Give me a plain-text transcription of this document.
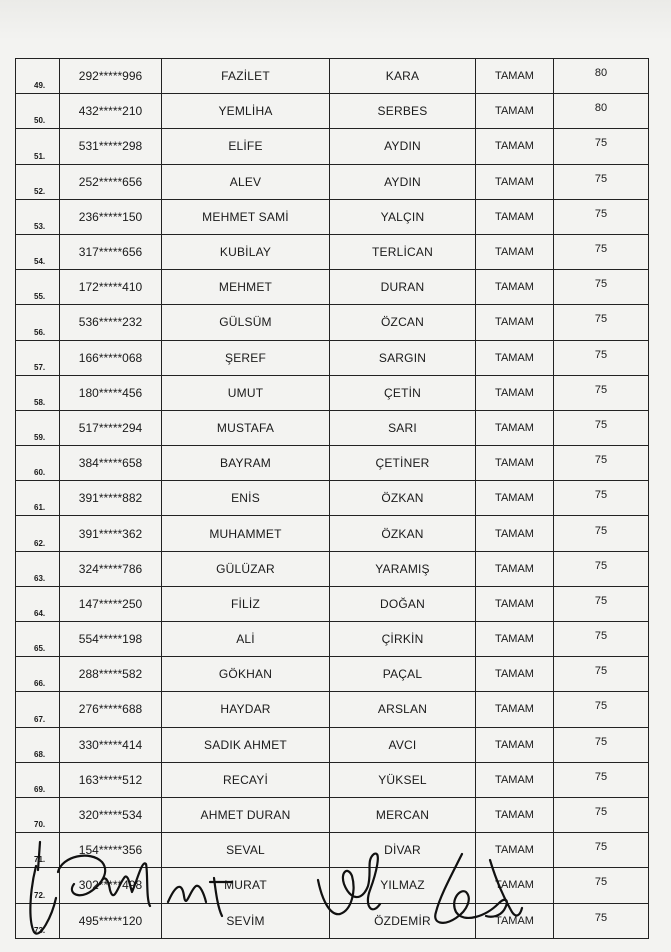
49.	292*****996	FAZİLET	KARA	TAMAM	80
50.	432*****210	YEMLİHA	SERBES	TAMAM	80
51.	531*****298	ELİFE	AYDIN	TAMAM	75
52.	252*****656	ALEV	AYDIN	TAMAM	75
53.	236*****150	MEHMET SAMİ	YALÇIN	TAMAM	75
54.	317*****656	KUBİLAY	TERLİCAN	TAMAM	75
55.	172*****410	MEHMET	DURAN	TAMAM	75
56.	536*****232	GÜLSÜM	ÖZCAN	TAMAM	75
57.	166*****068	ŞEREF	SARGIN	TAMAM	75
58.	180*****456	UMUT	ÇETİN	TAMAM	75
59.	517*****294	MUSTAFA	SARI	TAMAM	75
60.	384*****658	BAYRAM	ÇETİNER	TAMAM	75
61.	391*****882	ENİS	ÖZKAN	TAMAM	75
62.	391*****362	MUHAMMET	ÖZKAN	TAMAM	75
63.	324*****786	GÜLÜZAR	YARAMIŞ	TAMAM	75
64.	147*****250	FİLİZ	DOĞAN	TAMAM	75
65.	554*****198	ALİ	ÇİRKİN	TAMAM	75
66.	288*****582	GÖKHAN	PAÇAL	TAMAM	75
67.	276*****688	HAYDAR	ARSLAN	TAMAM	75
68.	330*****414	SADIK AHMET	AVCI	TAMAM	75
69.	163*****512	RECAYİ	YÜKSEL	TAMAM	75
70.	320*****534	AHMET DURAN	MERCAN	TAMAM	75
71.	154*****356	SEVAL	DİVAR	TAMAM	75
72.	302*****498	MURAT	YILMAZ	TAMAM	75
73.	495*****120	SEVİM	ÖZDEMİR	TAMAM	75
